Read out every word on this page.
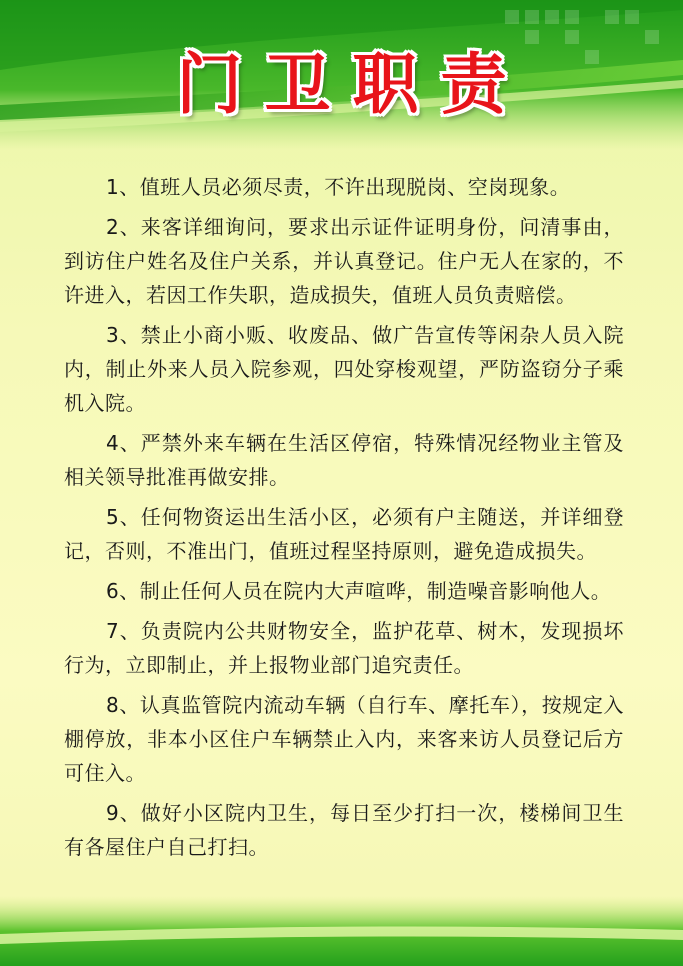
门卫职责

1、值班人员必须尽责，不许出现脱岗、空岗现象。

2、来客详细询问，要求出示证件证明身份，问清事由，到访住户姓名及住户关系，并认真登记。住户无人在家的，不许进入，若因工作失职，造成损失，值班人员负责赔偿。

3、禁止小商小贩、收废品、做广告宣传等闲杂人员入院内，制止外来人员入院参观，四处穿梭观望，严防盗窃分子乘机入院。

4、严禁外来车辆在生活区停宿，特殊情况经物业主管及相关领导批准再做安排。

5、任何物资运出生活小区，必须有户主随送，并详细登记，否则，不准出门，值班过程坚持原则，避免造成损失。

6、制止任何人员在院内大声喧哗，制造噪音影响他人。

7、负责院内公共财物安全，监护花草、树木，发现损坏行为，立即制止，并上报物业部门追究责任。

8、认真监管院内流动车辆（自行车、摩托车），按规定入棚停放，非本小区住户车辆禁止入内，来客来访人员登记后方可住入。

9、做好小区院内卫生，每日至少打扫一次，楼梯间卫生有各屋住户自己打扫。
